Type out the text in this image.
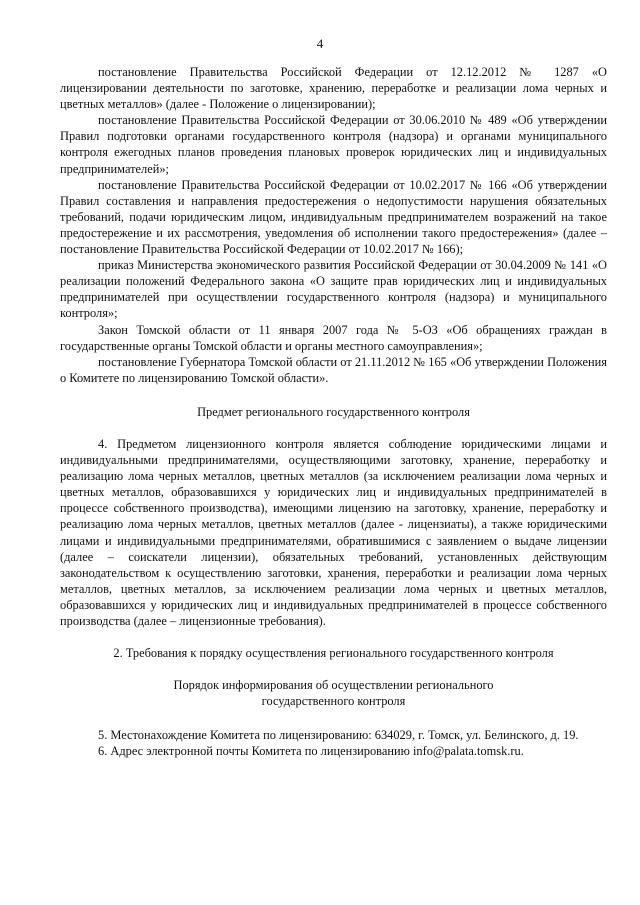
4

постановление Правительства Российской Федерации от 12.12.2012 № 1287 «О лицензировании деятельности по заготовке, хранению, переработке и реализации лома черных и цветных металлов» (далее - Положение о лицензировании);

постановление Правительства Российской Федерации от 30.06.2010 № 489 «Об утверждении Правил подготовки органами государственного контроля (надзора) и органами муниципального контроля ежегодных планов проведения плановых проверок юридических лиц и индивидуальных предпринимателей»;

постановление Правительства Российской Федерации от 10.02.2017 № 166 «Об утверждении Правил составления и направления предостережения о недопустимости нарушения обязательных требований, подачи юридическим лицом, индивидуальным предпринимателем возражений на такое предостережение и их рассмотрения, уведомления об исполнении такого предостережения» (далее – постановление Правительства Российской Федерации от 10.02.2017 № 166);

приказ Министерства экономического развития Российской Федерации от 30.04.2009 № 141 «О реализации положений Федерального закона «О защите прав юридических лиц и индивидуальных предпринимателей при осуществлении государственного контроля (надзора) и муниципального контроля»;

Закон Томской области от 11 января 2007 года № 5-ОЗ «Об обращениях граждан в государственные органы Томской области и органы местного самоуправления»;

постановление Губернатора Томской области от 21.11.2012 № 165 «Об утверждении Положения о Комитете по лицензированию Томской области».

Предмет регионального государственного контроля

4. Предметом лицензионного контроля является соблюдение юридическими лицами и индивидуальными предпринимателями, осуществляющими заготовку, хранение, переработку и реализацию лома черных металлов, цветных металлов (за исключением реализации лома черных и цветных металлов, образовавшихся у юридических лиц и индивидуальных предпринимателей в процессе собственного производства), имеющими лицензию на заготовку, хранение, переработку и реализацию лома черных металлов, цветных металлов (далее - лицензиаты), а также юридическими лицами и индивидуальными предпринимателями, обратившимися с заявлением о выдаче лицензии (далее – соискатели лицензии), обязательных требований, установленных действующим законодательством к осуществлению заготовки, хранения, переработки и реализации лома черных металлов, цветных металлов, за исключением реализации лома черных и цветных металлов, образовавшихся у юридических лиц и индивидуальных предпринимателей в процессе собственного производства (далее – лицензионные требования).

2. Требования к порядку осуществления регионального государственного контроля

Порядок информирования об осуществлении регионального
государственного контроля

5. Местонахождение Комитета по лицензированию: 634029, г. Томск, ул. Белинского, д. 19.

6. Адрес электронной почты Комитета по лицензированию info@palata.tomsk.ru.
